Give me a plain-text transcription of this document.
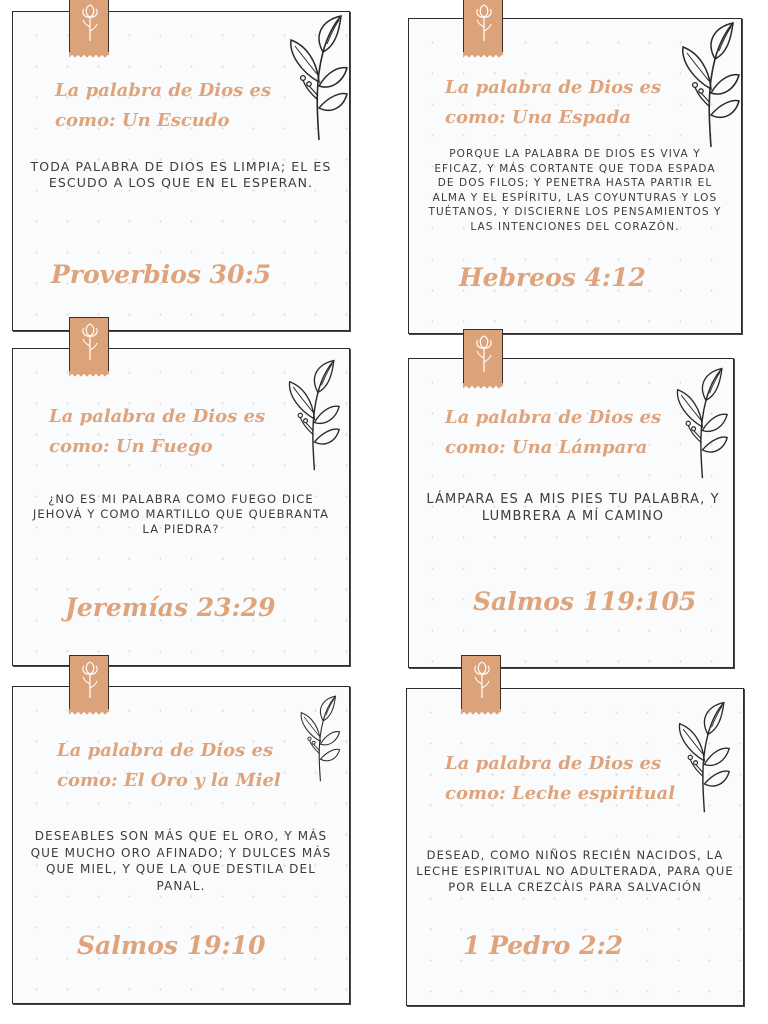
La palabra de Dios es
como: Un Escudo
TODA PALABRA DE DIOS ES LIMPIA; EL ES ESCUDO A LOS QUE EN EL ESPERAN.
Proverbios 30:5
La palabra de Dios es
como: Una Espada
PORQUE LA PALABRA DE DIOS ES VIVA Y EFICAZ, Y MÁS CORTANTE QUE TODA ESPADA DE DOS FILOS; Y PENETRA HASTA PARTIR EL ALMA Y EL ESPÍRITU, LAS COYUNTURAS Y LOS TUÉTANOS, Y DISCIERNE LOS PENSAMIENTOS Y LAS INTENCIONES DEL CORAZÓN.
Hebreos 4:12
La palabra de Dios es
como: Un Fuego
¿NO ES MI PALABRA COMO FUEGO DICE JEHOVÁ Y COMO MARTILLO QUE QUEBRANTA LA PIEDRA?
Jeremías 23:29
La palabra de Dios es
como: Una Lámpara
LÁMPARA ES A MIS PIES TU PALABRA, Y LUMBRERA A MÍ CAMINO
Salmos 119:105
La palabra de Dios es
como: El Oro y la Miel
DESEABLES SON MÁS QUE EL ORO, Y MÁS QUE MUCHO ORO AFINADO; Y DULCES MÁS QUE MIEL, Y QUE LA QUE DESTILA DEL PANAL.
Salmos 19:10
La palabra de Dios es
como: Leche espiritual
DESEAD, COMO NIÑOS RECIÉN NACIDOS, LA LECHE ESPIRITUAL NO ADULTERADA, PARA QUE POR ELLA CREZCÀIS PARA SALVACIÓN
1 Pedro 2:2
